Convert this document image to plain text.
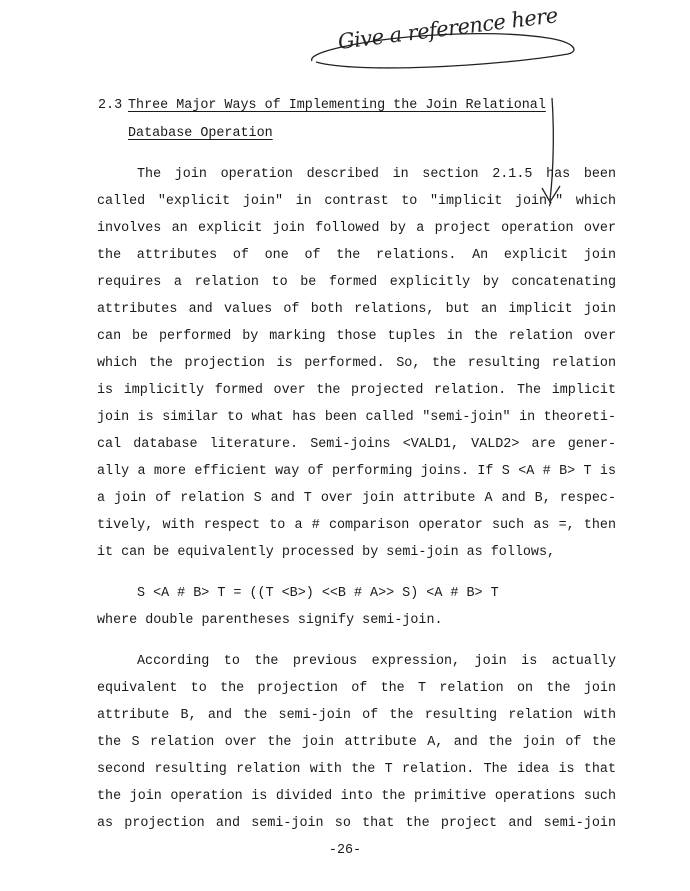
Give a reference here
2.3 Three Major Ways of Implementing the Join Relational
Database Operation
The join operation described in section 2.1.5 has been
called "explicit join" in contrast to "implicit join," which
involves an explicit join followed by a project operation over
the attributes of one of the relations. An explicit join
requires a relation to be formed explicitly by concatenating
attributes and values of both relations, but an implicit join
can be performed by marking those tuples in the relation over
which the projection is performed. So, the resulting relation
is implicitly formed over the projected relation. The implicit
join is similar to what has been called "semi-join" in theoreti-
cal database literature. Semi-joins <VALD1, VALD2> are gener-
ally a more efficient way of performing joins. If S <A # B> T is
a join of relation S and T over join attribute A and B, respec-
tively, with respect to a # comparison operator such as =, then
it can be equivalently processed by semi-join as follows,
S <A # B> T = ((T <B>) <<B # A>> S) <A # B> T
where double parentheses signify semi-join.
According to the previous expression, join is actually
equivalent to the projection of the T relation on the join
attribute B, and the semi-join of the resulting relation with
the S relation over the join attribute A, and the join of the
second resulting relation with the T relation. The idea is that
the join operation is divided into the primitive operations such
as projection and semi-join so that the project and semi-join
-26-
